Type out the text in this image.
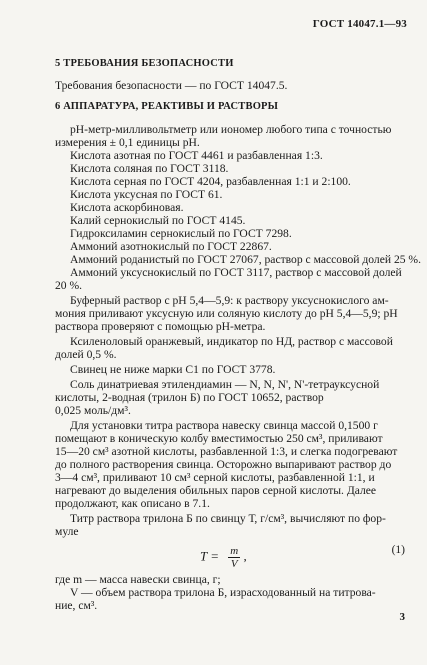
ГОСТ 14047.1—93
5 ТРЕБОВАНИЯ БЕЗОПАСНОСТИ
Требования безопасности — по ГОСТ 14047.5.
6 АППАРАТУРА, РЕАКТИВЫ И РАСТВОРЫ
рН-метр-милливольтметр или иономер любого типа с точностью
измерения ± 0,1 единицы рН.
Кислота азотная по ГОСТ 4461 и разбавленная 1:3.
Кислота соляная по ГОСТ 3118.
Кислота серная по ГОСТ 4204, разбавленная 1:1 и 2:100.
Кислота уксусная по ГОСТ 61.
Кислота аскорбиновая.
Калий сернокислый по ГОСТ 4145.
Гидроксиламин сернокислый по ГОСТ 7298.
Аммоний азотнокислый по ГОСТ 22867.
Аммоний роданистый по ГОСТ 27067, раствор с массовой долей 25 %.
Аммоний уксуснокислый по ГОСТ 3117, раствор с массовой долей
20 %.
Буферный раствор с рН 5,4—5,9: к раствору уксуснокислого ам-
мония приливают уксусную или соляную кислоту до рН 5,4—5,9; рН
раствора проверяют с помощью рН-метра.
Ксиленоловый оранжевый, индикатор по НД, раствор с массовой
долей 0,5 %.
Свинец не ниже марки С1 по ГОСТ 3778.
Соль динатриевая этилендиамин — N, N, N', N'-тетрауксусной
кислоты, 2-водная (трилон Б) по ГОСТ 10652, раствор
0,025 моль/дм³.
Для установки титра раствора навеску свинца массой 0,1500 г
помещают в коническую колбу вместимостью 250 см³, приливают
15—20 см³ азотной кислоты, разбавленной 1:3, и слегка подогревают
до полного растворения свинца. Осторожно выпаривают раствор до
3—4 см³, приливают 10 см³ серной кислоты, разбавленной 1:1, и
нагревают до выделения обильных паров серной кислоты. Далее
продолжают, как описано в 7.1.
Титр раствора трилона Б по свинцу Т, г/см³, вычисляют по фор-
муле
$T = \frac{m}{V}$ ,	(1)
где m — масса навески свинца, г;
V — объем раствора трилона Б, израсходованный на титрова-
ние, см³.
3
